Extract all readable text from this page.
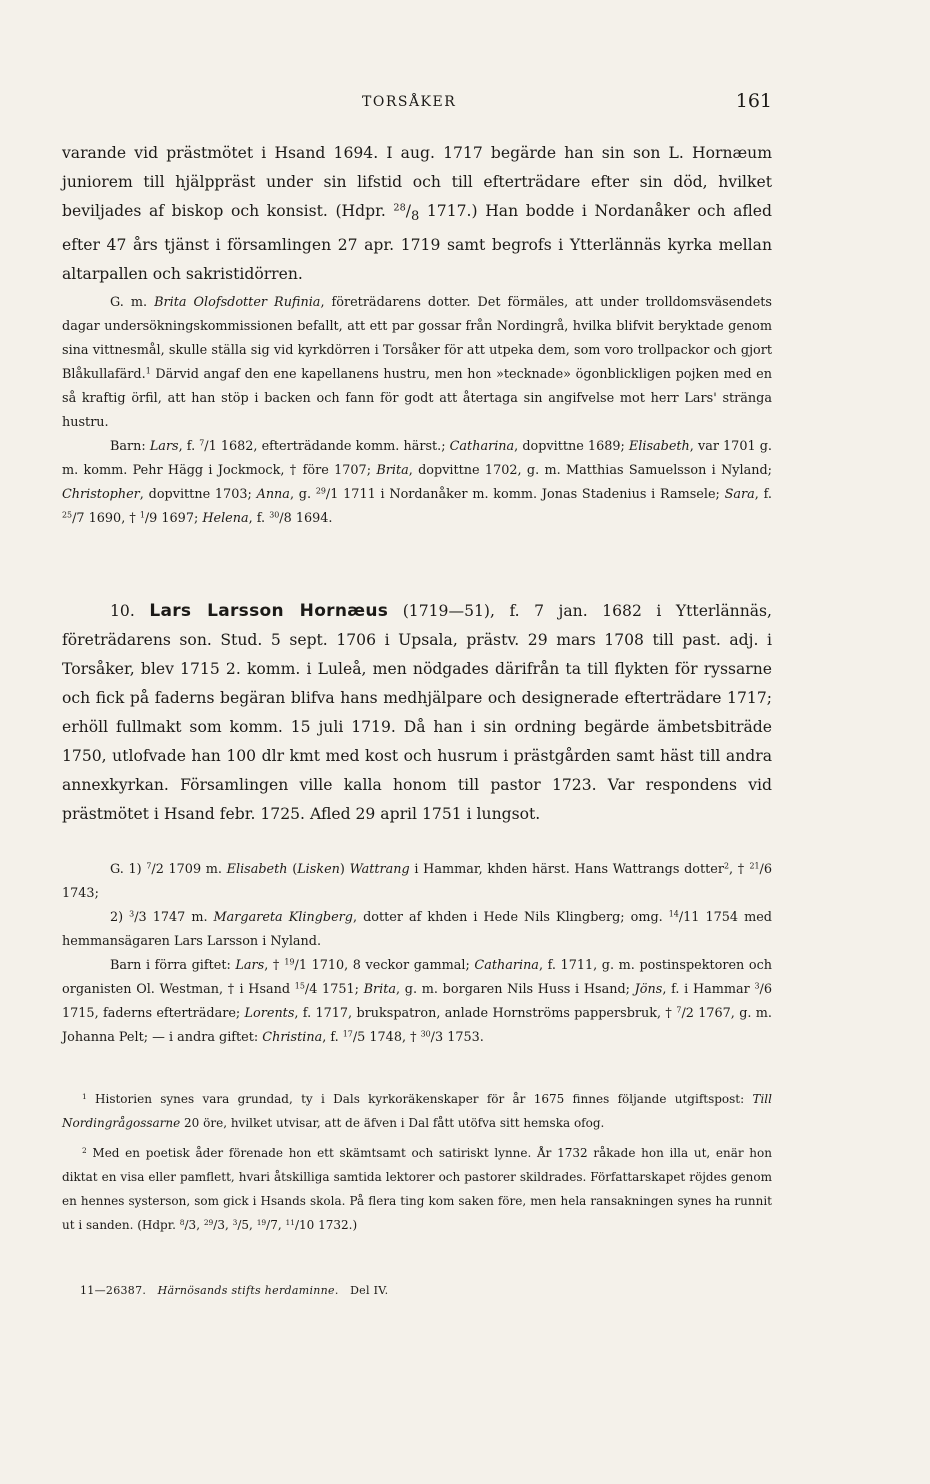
TORSÅKER	161

varande vid prästmötet i Hsand 1694. I aug. 1717 begärde han sin son L. Hornæum juniorem till hjälppräst under sin lifstid och till efterträdare efter sin död, hvilket beviljades af biskop och konsist. (Hdpr. $^{28}/_8$ 1717.) Han bodde i Nordanåker och afled efter 47 års tjänst i församlingen 27 apr. 1719 samt begrofs i Ytterlännäs kyrka mellan altarpallen och sakristidörren.

G. m. Brita Olofsdotter Rufinia, företrädarens dotter. Det förmäles, att under trolldomsväsendets dagar undersökningskommissionen befallt, att ett par gossar från Nordingrå, hvilka blifvit beryktade genom sina vittnesmål, skulle ställa sig vid kyrkdörren i Torsåker för att utpeka dem, som voro trollpackor och gjort Blåkullafärd.$^1$ Därvid angaf den ene kapellanens hustru, men hon »tecknade» ögonblickligen pojken med en så kraftig örfil, att han stöp i backen och fann för godt att återtaga sin angifvelse mot herr Lars' stränga hustru.

Barn: Lars, f. $^7$/1 1682, efterträdande komm. härst.; Catharina, dopvittne 1689; Elisabeth, var 1701 g. m. komm. Pehr Hägg i Jockmock, † före 1707; Brita, dopvittne 1702, g. m. Matthias Samuelsson i Nyland; Christopher, dopvittne 1703; Anna, g. $^{29}$/1 1711 i Nordanåker m. komm. Jonas Stadenius i Ramsele; Sara, f. $^{25}$/7 1690, † $^1$/9 1697; Helena, f. $^{30}$/8 1694.

10. Lars Larsson Hornæus (1719—51), f. 7 jan. 1682 i Ytterlännäs, företrädarens son. Stud. 5 sept. 1706 i Upsala, prästv. 29 mars 1708 till past. adj. i Torsåker, blev 1715 2. komm. i Luleå, men nödgades därifrån ta till flykten för ryssarne och fick på faderns begäran blifva hans medhjälpare och designerade efterträdare 1717; erhöll fullmakt som komm. 15 juli 1719. Då han i sin ordning begärde ämbetsbiträde 1750, utlofvade han 100 dlr kmt med kost och husrum i prästgården samt häst till andra annexkyrkan. Församlingen ville kalla honom till pastor 1723. Var respondens vid prästmötet i Hsand febr. 1725. Afled 29 april 1751 i lungsot.

G. 1) $^7$/2 1709 m. Elisabeth (Lisken) Wattrang i Hammar, khden härst. Hans Wattrangs dotter$^2$, † $^{21}$/6 1743;

2) $^3$/3 1747 m. Margareta Klingberg, dotter af khden i Hede Nils Klingberg; omg. $^{14}$/11 1754 med hemmansägaren Lars Larsson i Nyland.

Barn i förra giftet: Lars, † $^{19}$/1 1710, 8 veckor gammal; Catharina, f. 1711, g. m. postinspektoren och organisten Ol. Westman, † i Hsand $^{15}$/4 1751; Brita, g. m. borgaren Nils Huss i Hsand; Jöns, f. i Hammar $^3$/6 1715, faderns efterträdare; Lorents, f. 1717, brukspatron, anlade Hornströms pappersbruk, † $^7$/2 1767, g. m. Johanna Pelt; — i andra giftet: Christina, f. $^{17}$/5 1748, † $^{30}$/3 1753.

$^1$ Historien synes vara grundad, ty i Dals kyrkoräkenskaper för år 1675 finnes följande utgiftspost: Till Nordingrågossarne 20 öre, hvilket utvisar, att de äfven i Dal fått utöfva sitt hemska ofog.

$^2$ Med en poetisk åder förenade hon ett skämtsamt och satiriskt lynne. År 1732 råkade hon illa ut, enär hon diktat en visa eller pamflett, hvari åtskilliga samtida lektorer och pastorer skildrades. Författarskapet röjdes genom en hennes systerson, som gick i Hsands skola. På flera ting kom saken före, men hela ransakningen synes ha runnit ut i sanden. (Hdpr. $^8$/3, $^{29}$/3, $^3$/5, $^{19}$/7, $^{11}$/10 1732.)

11—26387. Härnösands stifts herdaminne. Del IV.
